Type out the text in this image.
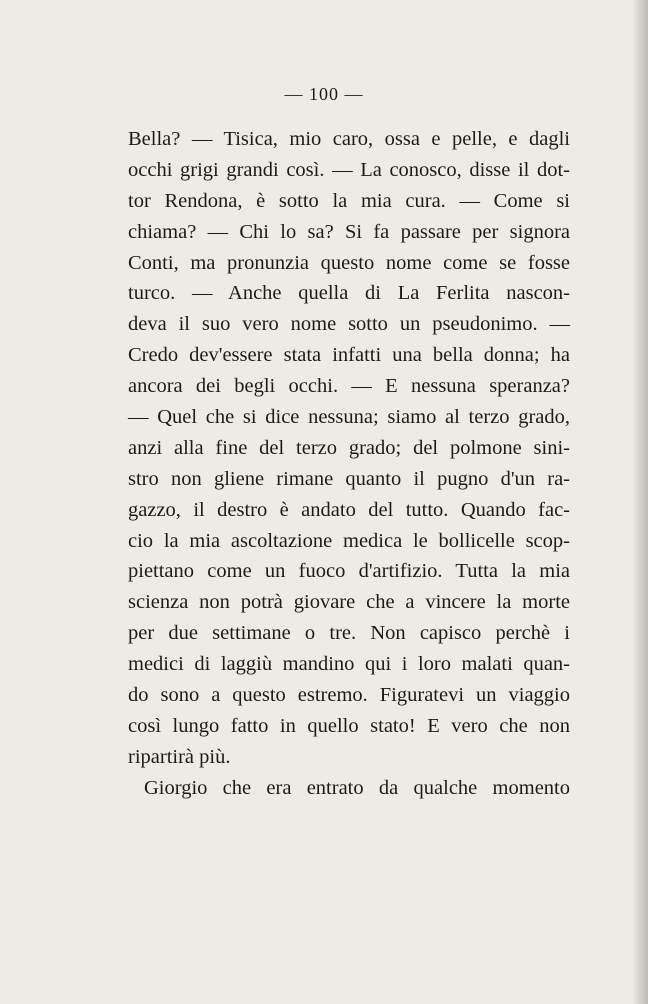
— 100 —
Bella? — Tisica, mio caro, ossa e pelle, e dagli
occhi grigi grandi così. — La conosco, disse il dot-
tor Rendona, è sotto la mia cura. — Come si
chiama? — Chi lo sa? Si fa passare per signora
Conti, ma pronunzia questo nome come se fosse
turco. — Anche quella di La Ferlita nascon-
deva il suo vero nome sotto un pseudonimo. —
Credo dev'essere stata infatti una bella donna; ha
ancora dei begli occhi. — E nessuna speranza?
— Quel che si dice nessuna; siamo al terzo grado,
anzi alla fine del terzo grado; del polmone sini-
stro non gliene rimane quanto il pugno d'un ra-
gazzo, il destro è andato del tutto. Quando fac-
cio la mia ascoltazione medica le bollicelle scop-
piettano come un fuoco d'artifizio. Tutta la mia
scienza non potrà giovare che a vincere la morte
per due settimane o tre. Non capisco perchè i
medici di laggiù mandino qui i loro malati quan-
do sono a questo estremo. Figuratevi un viaggio
così lungo fatto in quello stato! E vero che non
ripartirà più.
Giorgio che era entrato da qualche momento
